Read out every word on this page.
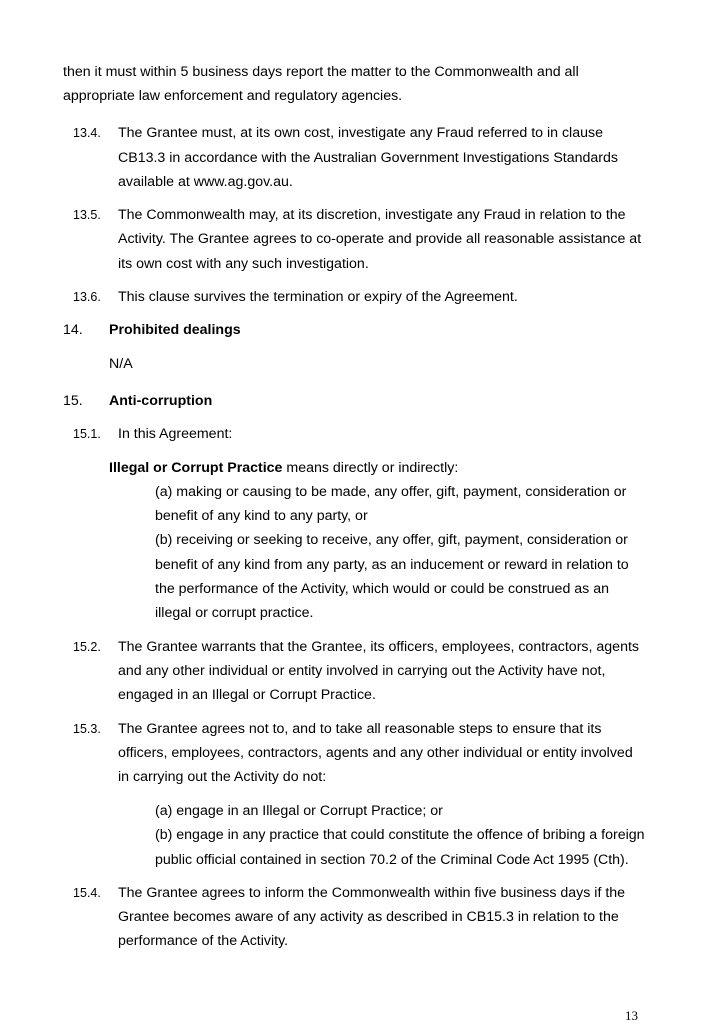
then it must within 5 business days report the matter to the Commonwealth and all
appropriate law enforcement and regulatory agencies.
13.4. The Grantee must, at its own cost, investigate any Fraud referred to in clause
CB13.3 in accordance with the Australian Government Investigations Standards
available at www.ag.gov.au.
13.5. The Commonwealth may, at its discretion, investigate any Fraud in relation to the
Activity. The Grantee agrees to co-operate and provide all reasonable assistance at
its own cost with any such investigation.
13.6. This clause survives the termination or expiry of the Agreement.
14. Prohibited dealings
N/A
15. Anti-corruption
15.1. In this Agreement:
Illegal or Corrupt Practice means directly or indirectly:
(a) making or causing to be made, any offer, gift, payment, consideration or
benefit of any kind to any party, or
(b) receiving or seeking to receive, any offer, gift, payment, consideration or
benefit of any kind from any party, as an inducement or reward in relation to
the performance of the Activity, which would or could be construed as an
illegal or corrupt practice.
15.2. The Grantee warrants that the Grantee, its officers, employees, contractors, agents
and any other individual or entity involved in carrying out the Activity have not,
engaged in an Illegal or Corrupt Practice.
15.3. The Grantee agrees not to, and to take all reasonable steps to ensure that its
officers, employees, contractors, agents and any other individual or entity involved
in carrying out the Activity do not:
(a) engage in an Illegal or Corrupt Practice; or
(b) engage in any practice that could constitute the offence of bribing a foreign
public official contained in section 70.2 of the Criminal Code Act 1995 (Cth).
15.4. The Grantee agrees to inform the Commonwealth within five business days if the
Grantee becomes aware of any activity as described in CB15.3 in relation to the
performance of the Activity.
13
